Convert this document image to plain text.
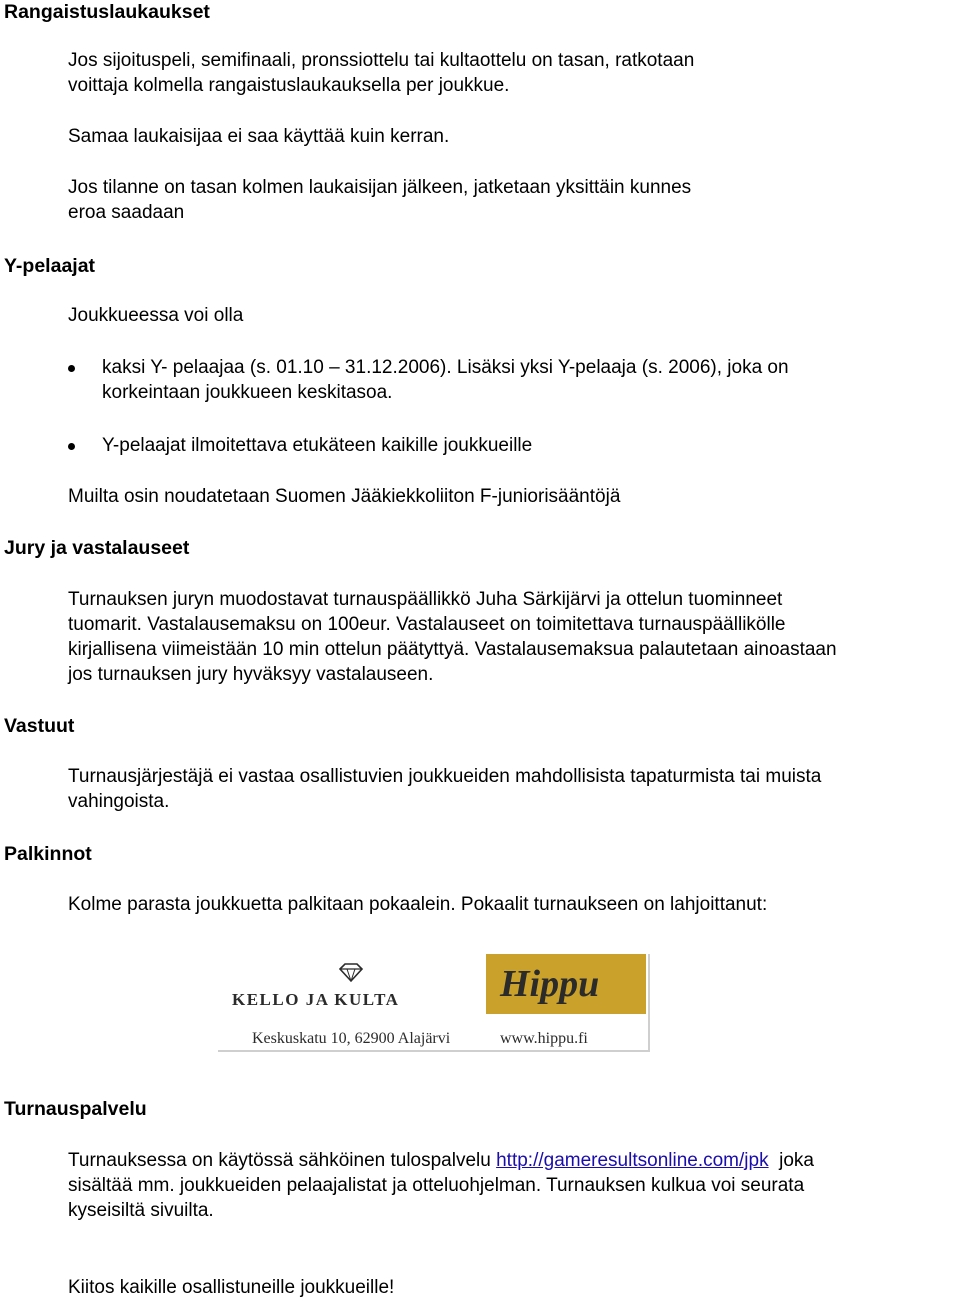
Rangaistuslaukaukset
Jos sijoituspeli, semifinaali, pronssiottelu tai kultaottelu on tasan, ratkotaan
voittaja kolmella rangaistuslaukauksella per joukkue.
Samaa laukaisijaa ei saa käyttää kuin kerran.
Jos tilanne on tasan kolmen laukaisijan jälkeen, jatketaan yksittäin kunnes
eroa saadaan
Y-pelaajat
Joukkueessa voi olla
kaksi Y- pelaajaa (s. 01.10 – 31.12.2006). Lisäksi yksi Y-pelaaja (s. 2006), joka on
korkeintaan joukkueen keskitasoa.
Y-pelaajat ilmoitettava etukäteen kaikille joukkueille
Muilta osin noudatetaan Suomen Jääkiekkoliiton F-juniorisääntöjä
Jury ja vastalauseet
Turnauksen juryn muodostavat turnauspäällikkö Juha Särkijärvi ja ottelun tuominneet
tuomarit. Vastalausemaksu on 100eur. Vastalauseet on toimitettava turnauspäällikölle
kirjallisena viimeistään 10 min ottelun päätyttyä. Vastalausemaksua palautetaan ainoastaan
jos turnauksen jury hyväksyy vastalauseen.
Vastuut
Turnausjärjestäjä ei vastaa osallistuvien joukkueiden mahdollisista tapaturmista tai muista
vahingoista.
Palkinnot
Kolme parasta joukkuetta palkitaan pokaalein. Pokaalit turnaukseen on lahjoittanut:
KELLO JA KULTA	Hippu
Keskuskatu 10, 62900 Alajärvi	www.hippu.fi
Turnauspalvelu
Turnauksessa on käytössä sähköinen tulospalvelu http://gameresultsonline.com/jpk  joka
sisältää mm. joukkueiden pelaajalistat ja otteluohjelman. Turnauksen kulkua voi seurata
kyseisiltä sivuilta.
Kiitos kaikille osallistuneille joukkueille!
